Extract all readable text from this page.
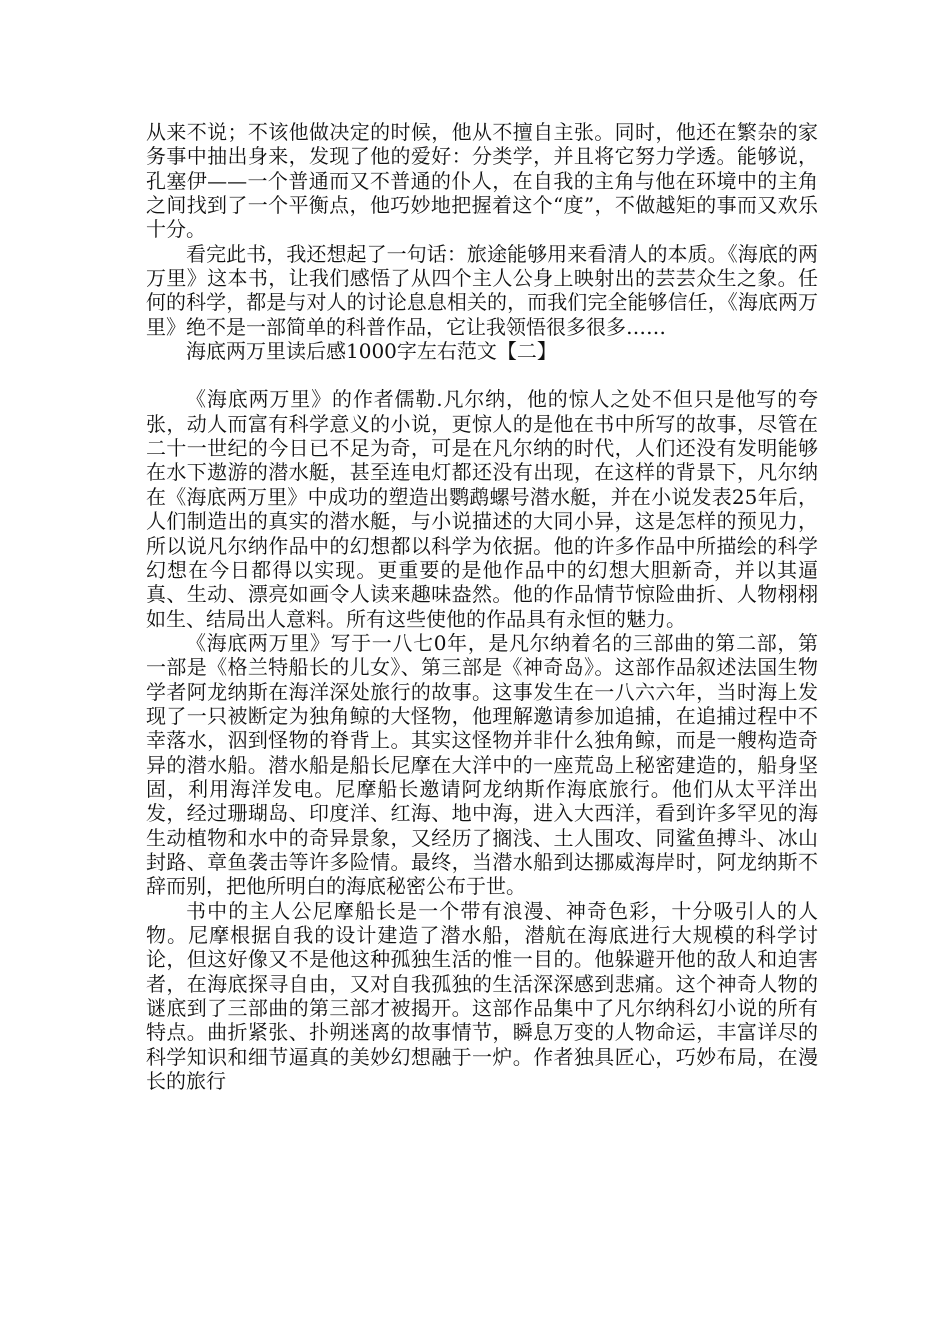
从来不说；不该他做决定的时候，他从不擅自主张。同时，他还在繁杂的家务事中抽出身来，发现了他的爱好：分类学，并且将它努力学透。能够说，孔塞伊——一个普通而又不普通的仆人，在自我的主角与他在环境中的主角之间找到了一个平衡点，他巧妙地把握着这个“度”，不做越矩的事而又欢乐十分。

看完此书，我还想起了一句话：旅途能够用来看清人的本质。《海底的两万里》这本书，让我们感悟了从四个主人公身上映射出的芸芸众生之象。任何的科学，都是与对人的讨论息息相关的，而我们完全能够信任，《海底两万里》绝不是一部简单的科普作品，它让我领悟很多很多……

海底两万里读后感1000字左右范文【二】

《海底两万里》的作者儒勒.凡尔纳，他的惊人之处不但只是他写的夸张，动人而富有科学意义的小说，更惊人的是他在书中所写的故事，尽管在二十一世纪的今日已不足为奇，可是在凡尔纳的时代，人们还没有发明能够在水下遨游的潜水艇，甚至连电灯都还没有出现，在这样的背景下，凡尔纳在《海底两万里》中成功的塑造出鹦鹉螺号潜水艇，并在小说发表25年后，人们制造出的真实的潜水艇，与小说描述的大同小异，这是怎样的预见力，所以说凡尔纳作品中的幻想都以科学为依据。他的许多作品中所描绘的科学幻想在今日都得以实现。更重要的是他作品中的幻想大胆新奇，并以其逼真、生动、漂亮如画令人读来趣味盎然。他的作品情节惊险曲折、人物栩栩如生、结局出人意料。所有这些使他的作品具有永恒的魅力。

《海底两万里》写于一八七0年，是凡尔纳着名的三部曲的第二部，第一部是《格兰特船长的儿女》、第三部是《神奇岛》。这部作品叙述法国生物学者阿龙纳斯在海洋深处旅行的故事。这事发生在一八六六年，当时海上发现了一只被断定为独角鲸的大怪物，他理解邀请参加追捕，在追捕过程中不幸落水，泅到怪物的脊背上。其实这怪物并非什么独角鲸，而是一艘构造奇异的潜水船。潜水船是船长尼摩在大洋中的一座荒岛上秘密建造的，船身坚固，利用海洋发电。尼摩船长邀请阿龙纳斯作海底旅行。他们从太平洋出发，经过珊瑚岛、印度洋、红海、地中海，进入大西洋，看到许多罕见的海生动植物和水中的奇异景象，又经历了搁浅、土人围攻、同鲨鱼搏斗、冰山封路、章鱼袭击等许多险情。最终，当潜水船到达挪威海岸时，阿龙纳斯不辞而别，把他所明白的海底秘密公布于世。

书中的主人公尼摩船长是一个带有浪漫、神奇色彩，十分吸引人的人物。尼摩根据自我的设计建造了潜水船，潜航在海底进行大规模的科学讨论，但这好像又不是他这种孤独生活的惟一目的。他躲避开他的敌人和迫害者，在海底探寻自由，又对自我孤独的生活深深感到悲痛。这个神奇人物的谜底到了三部曲的第三部才被揭开。这部作品集中了凡尔纳科幻小说的所有特点。曲折紧张、扑朔迷离的故事情节，瞬息万变的人物命运，丰富详尽的科学知识和细节逼真的美妙幻想融于一炉。作者独具匠心，巧妙布局，在漫长的旅行
